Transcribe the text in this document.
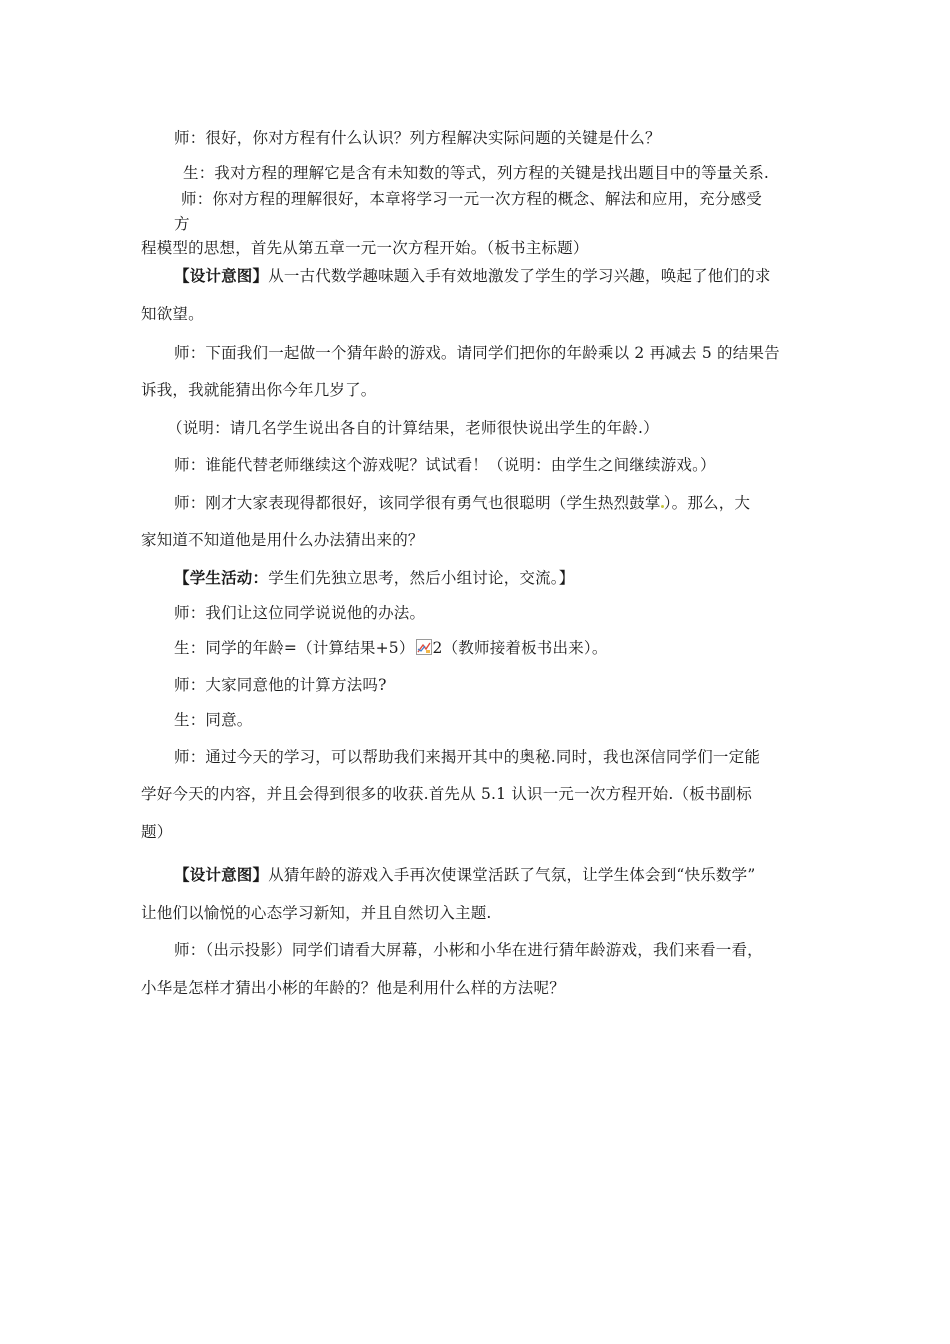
师：很好，你对方程有什么认识？列方程解决实际问题的关键是什么？
生：我对方程的理解它是含有未知数的等式，列方程的关键是找出题目中的等量关系.
师：你对方程的理解很好，本章将学习一元一次方程的概念、解法和应用，充分感受
方
程模型的思想，首先从第五章一元一次方程开始。（板书主标题）
【设计意图】从一古代数学趣味题入手有效地激发了学生的学习兴趣，唤起了他们的求
知欲望。
师：下面我们一起做一个猜年龄的游戏。请同学们把你的年龄乘以 2 再减去 5 的结果告
诉我，我就能猜出你今年几岁了。
（说明：请几名学生说出各自的计算结果，老师很快说出学生的年龄.）
师：谁能代替老师继续这个游戏呢？试试看！（说明：由学生之间继续游戏。）
师：刚才大家表现得都很好，该同学很有勇气也很聪明（学生热烈鼓掌 ）。那么，大
家知道不知道他是用什么办法猜出来的？
【学生活动：学生们先独立思考，然后小组讨论，交流。】
师：我们让这位同学说说他的办法。
生：同学的年龄=（计算结果+5） 2（教师接着板书出来）。
师：大家同意他的计算方法吗?
生：同意。
师：通过今天的学习，可以帮助我们来揭开其中的奥秘.同时，我也深信同学们一定能
学好今天的内容，并且会得到很多的收获.首先从 5.1 认识一元一次方程开始.（板书副标
题）
【设计意图】从猜年龄的游戏入手再次使课堂活跃了气氛，让学生体会到“快乐数学”
让他们以愉悦的心态学习新知，并且自然切入主题.
师：（出示投影）同学们请看大屏幕，小彬和小华在进行猜年龄游戏，我们来看一看，
小华是怎样才猜出小彬的年龄的？他是利用什么样的方法呢？
